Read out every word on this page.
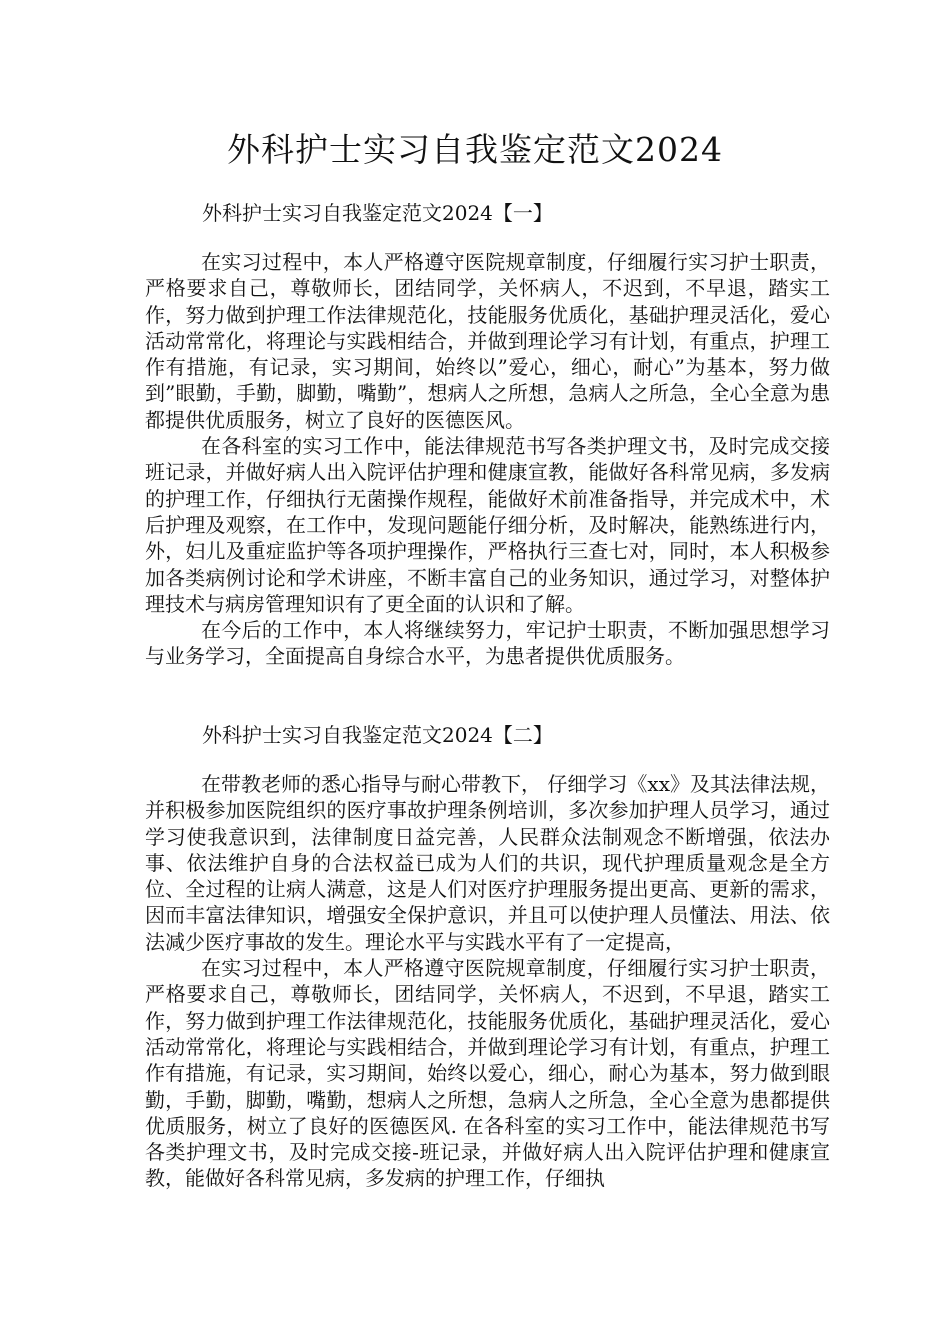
外科护士实习自我鉴定范文2024
外科护士实习自我鉴定范文2024【一】

在实习过程中，本人严格遵守医院规章制度，仔细履行实习护士职责，严格要求自己，尊敬师长，团结同学，关怀病人，不迟到，不早退，踏实工作，努力做到护理工作法律规范化，技能服务优质化，基础护理灵活化，爱心活动常常化，将理论与实践相结合，并做到理论学习有计划，有重点，护理工作有措施，有记录，实习期间，始终以”爱心，细心，耐心”为基本，努力做到”眼勤，手勤，脚勤，嘴勤”，想病人之所想，急病人之所急，全心全意为患都提供优质服务，树立了良好的医德医风。

在各科室的实习工作中，能法律规范书写各类护理文书，及时完成交接班记录，并做好病人出入院评估护理和健康宣教，能做好各科常见病，多发病的护理工作，仔细执行无菌操作规程，能做好术前准备指导，并完成术中，术后护理及观察，在工作中，发现问题能仔细分析，及时解决，能熟练进行内，外，妇儿及重症监护等各项护理操作，严格执行三查七对，同时，本人积极参加各类病例讨论和学术讲座，不断丰富自己的业务知识，通过学习，对整体护理技术与病房管理知识有了更全面的认识和了解。

在今后的工作中，本人将继续努力，牢记护士职责，不断加强思想学习与业务学习，全面提高自身综合水平，为患者提供优质服务。

外科护士实习自我鉴定范文2024【二】

在带教老师的悉心指导与耐心带教下， 仔细学习《xx》及其法律法规，并积极参加医院组织的医疗事故护理条例培训，多次参加护理人员学习，通过学习使我意识到，法律制度日益完善，人民群众法制观念不断增强，依法办事、依法维护自身的合法权益已成为人们的共识，现代护理质量观念是全方位、全过程的让病人满意，这是人们对医疗护理服务提出更高、更新的需求，因而丰富法律知识，增强安全保护意识，并且可以使护理人员懂法、用法、依法减少医疗事故的发生。理论水平与实践水平有了一定提高，

在实习过程中，本人严格遵守医院规章制度，仔细履行实习护士职责，严格要求自己，尊敬师长，团结同学，关怀病人，不迟到，不早退，踏实工作，努力做到护理工作法律规范化，技能服务优质化，基础护理灵活化，爱心活动常常化，将理论与实践相结合，并做到理论学习有计划，有重点，护理工作有措施，有记录，实习期间，始终以爱心，细心，耐心为基本，努力做到眼勤，手勤，脚勤，嘴勤，想病人之所想，急病人之所急，全心全意为患都提供优质服务，树立了良好的医德医风. 在各科室的实习工作中，能法律规范书写各类护理文书，及时完成交接-班记录，并做好病人出入院评估护理和健康宣教，能做好各科常见病，多发病的护理工作，仔细执
